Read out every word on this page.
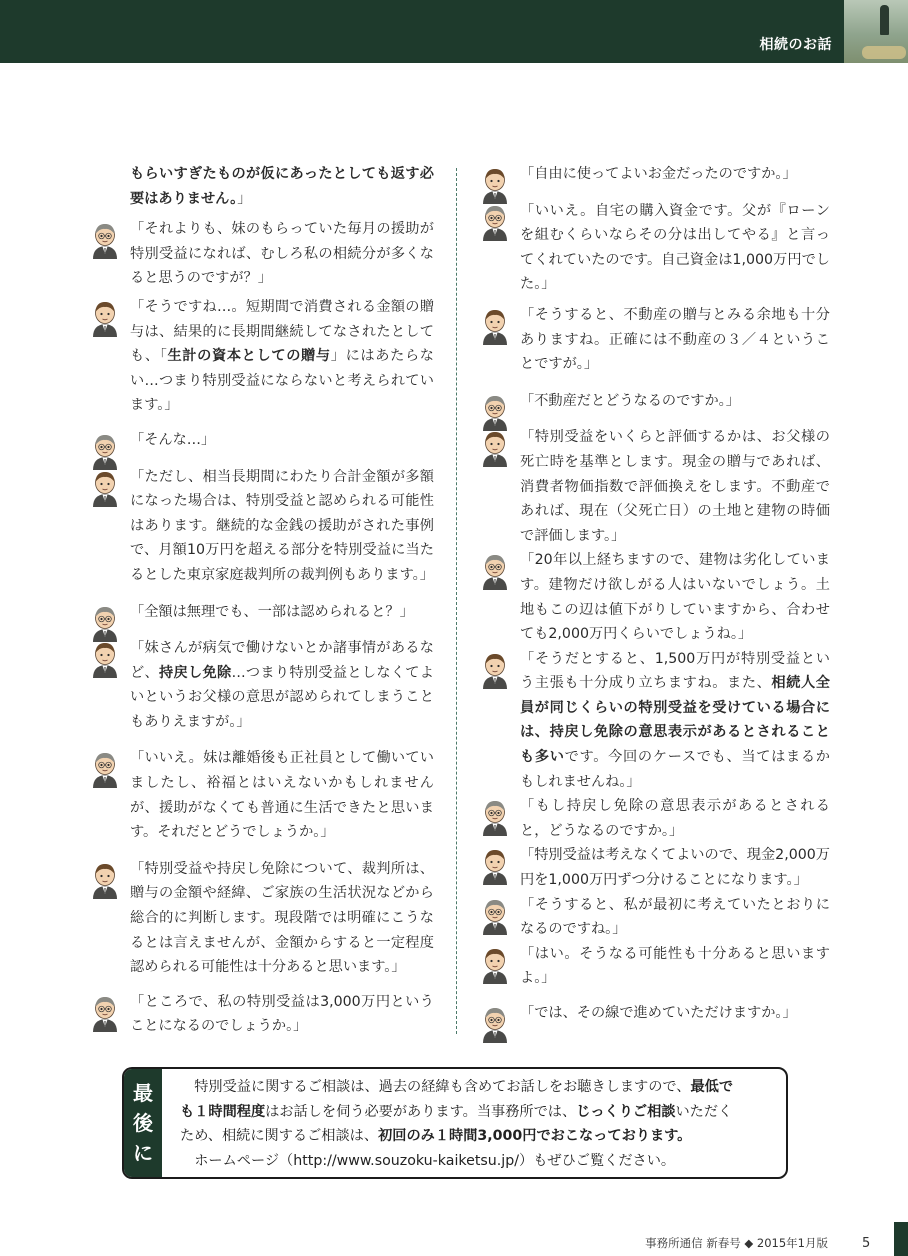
相続のお話

もらいすぎたものが仮にあったとしても返す必要はありません。」

「それよりも、妹のもらっていた毎月の援助が特別受益になれば、むしろ私の相続分が多くなると思うのですが？」

「そうですね…。短期間で消費される金額の贈与は、結果的に長期間継続してなされたとしても、「生計の資本としての贈与」にはあたらない…つまり特別受益にならないと考えられています。」

「そんな…」

「ただし、相当長期間にわたり合計金額が多額になった場合は、特別受益と認められる可能性はあります。継続的な金銭の援助がされた事例で、月額10万円を超える部分を特別受益に当たるとした東京家庭裁判所の裁判例もあります。」

「全額は無理でも、一部は認められると？」

「妹さんが病気で働けないとか諸事情があるなど、持戻し免除…つまり特別受益としなくてよいというお父様の意思が認められてしまうこともありえますが。」

「いいえ。妹は離婚後も正社員として働いていましたし、裕福とはいえないかもしれませんが、援助がなくても普通に生活できたと思います。それだとどうでしょうか。」

「特別受益や持戻し免除について、裁判所は、贈与の金額や経緯、ご家族の生活状況などから総合的に判断します。現段階では明確にこうなるとは言えませんが、金額からすると一定程度認められる可能性は十分あると思います。」

「ところで、私の特別受益は3,000万円ということになるのでしょうか。」

「自由に使ってよいお金だったのですか。」

「いいえ。自宅の購入資金です。父が『ローンを組むくらいならその分は出してやる』と言ってくれていたのです。自己資金は1,000万円でした。」

「そうすると、不動産の贈与とみる余地も十分ありますね。正確には不動産の３／４ということですが。」

「不動産だとどうなるのですか。」

「特別受益をいくらと評価するかは、お父様の死亡時を基準とします。現金の贈与であれば、消費者物価指数で評価換えをします。不動産であれば、現在（父死亡日）の土地と建物の時価で評価します。」

「20年以上経ちますので、建物は劣化しています。建物だけ欲しがる人はいないでしょう。土地もこの辺は値下がりしていますから、合わせても2,000万円くらいでしょうね。」

「そうだとすると、1,500万円が特別受益という主張も十分成り立ちますね。また、相続人全員が同じくらいの特別受益を受けている場合には、持戻し免除の意思表示があるとされることも多いです。今回のケースでも、当てはまるかもしれませんね。」

「もし持戻し免除の意思表示があるとされると，どうなるのですか。」

「特別受益は考えなくてよいので、現金2,000万円を1,000万円ずつ分けることになります。」

「そうすると、私が最初に考えていたとおりになるのですね。」

「はい。そうなる可能性も十分あると思いますよ。」

「では、その線で進めていただけますか。」

最
後
に
　特別受益に関するご相談は、過去の経緯も含めてお話しをお聴きしますので、最低で
も１時間程度はお話しを伺う必要があります。当事務所では、じっくりご相談いただく
ため、相続に関するご相談は、初回のみ１時間3,000円でおこなっております。
　ホームページ（http://www.souzoku-kaiketsu.jp/）もぜひご覧ください。
事務所通信 新春号 ◆ 2015年1月版	5
